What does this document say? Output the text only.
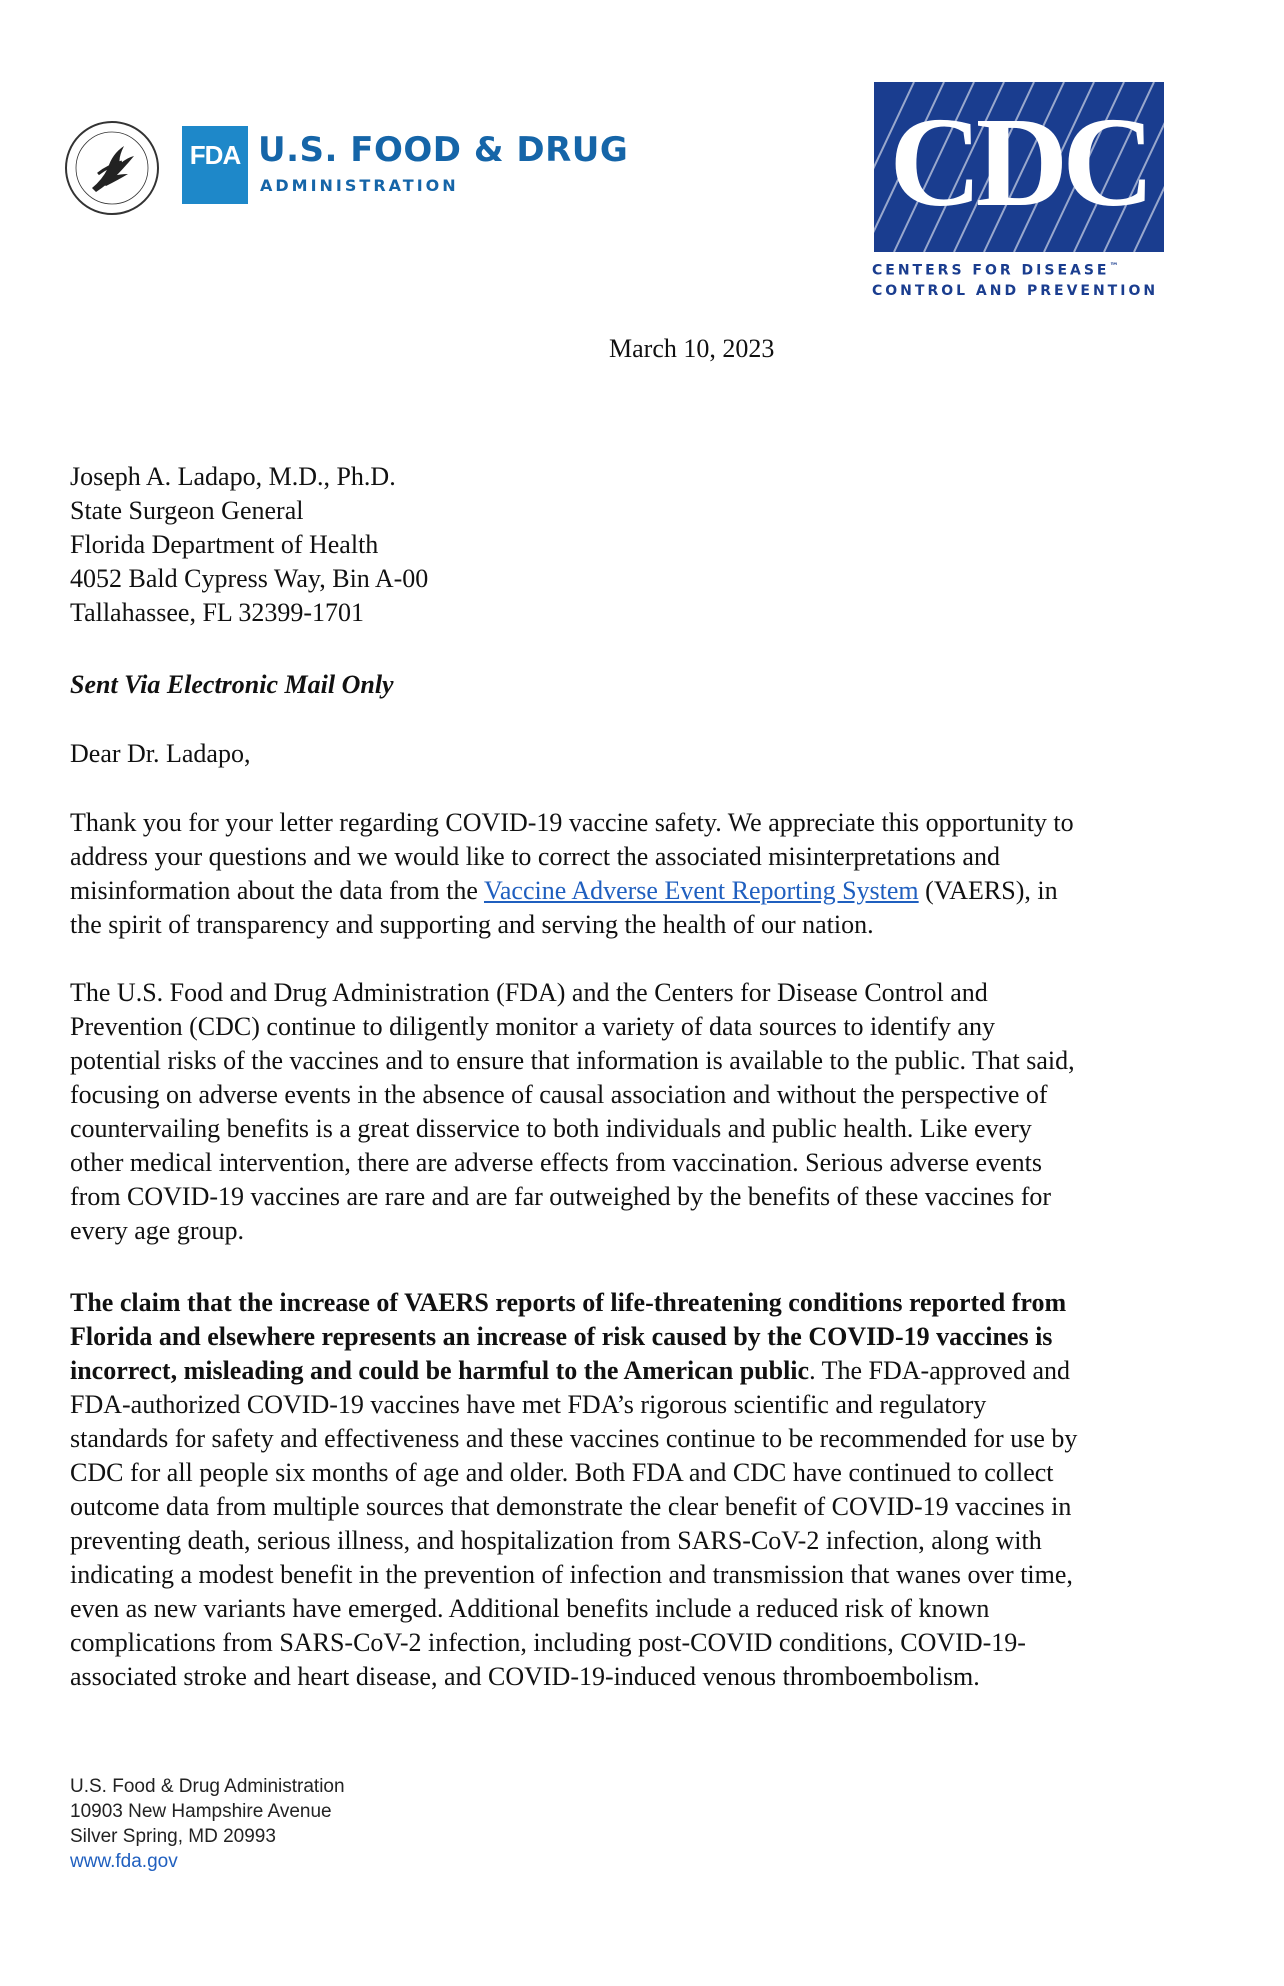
FDA U.S. FOOD & DRUG
ADMINISTRATION	CDC
CENTERS FOR DISEASE™
CONTROL AND PREVENTION
March 10, 2023
Joseph A. Ladapo, M.D., Ph.D.
State Surgeon General
Florida Department of Health
4052 Bald Cypress Way, Bin A-00
Tallahassee, FL 32399-1701
Sent Via Electronic Mail Only
Dear Dr. Ladapo,
Thank you for your letter regarding COVID-19 vaccine safety. We appreciate this opportunity to
address your questions and we would like to correct the associated misinterpretations and
misinformation about the data from the Vaccine Adverse Event Reporting System (VAERS), in
the spirit of transparency and supporting and serving the health of our nation.
The U.S. Food and Drug Administration (FDA) and the Centers for Disease Control and
Prevention (CDC) continue to diligently monitor a variety of data sources to identify any
potential risks of the vaccines and to ensure that information is available to the public. That said,
focusing on adverse events in the absence of causal association and without the perspective of
countervailing benefits is a great disservice to both individuals and public health. Like every
other medical intervention, there are adverse effects from vaccination. Serious adverse events
from COVID-19 vaccines are rare and are far outweighed by the benefits of these vaccines for
every age group.
The claim that the increase of VAERS reports of life-threatening conditions reported from
Florida and elsewhere represents an increase of risk caused by the COVID-19 vaccines is
incorrect, misleading and could be harmful to the American public. The FDA-approved and
FDA-authorized COVID-19 vaccines have met FDA’s rigorous scientific and regulatory
standards for safety and effectiveness and these vaccines continue to be recommended for use by
CDC for all people six months of age and older. Both FDA and CDC have continued to collect
outcome data from multiple sources that demonstrate the clear benefit of COVID-19 vaccines in
preventing death, serious illness, and hospitalization from SARS-CoV-2 infection, along with
indicating a modest benefit in the prevention of infection and transmission that wanes over time,
even as new variants have emerged. Additional benefits include a reduced risk of known
complications from SARS-CoV-2 infection, including post-COVID conditions, COVID-19-
associated stroke and heart disease, and COVID-19-induced venous thromboembolism.
U.S. Food & Drug Administration
10903 New Hampshire Avenue
Silver Spring, MD 20993
www.fda.gov
